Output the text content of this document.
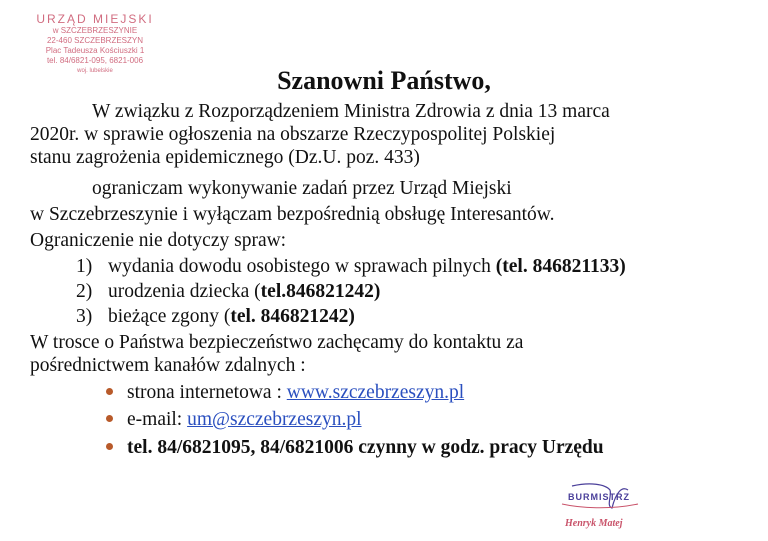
URZĄD MIEJSKI
w SZCZEBRZESZYNIE
22-460 SZCZEBRZESZYN
Plac Tadeusza Kościuszki 1
tel. 84/6821-095, 6821-006
woj. lubelskie	Szanowni Państwo,
W związku z Rozporządzeniem Ministra Zdrowia z dnia 13 marca
2020r. w sprawie ogłoszenia na obszarze Rzeczypospolitej Polskiej
stanu zagrożenia epidemicznego (Dz.U. poz. 433)
ograniczam wykonywanie zadań przez Urząd Miejski
w Szczebrzeszynie i wyłączam bezpośrednią obsługę Interesantów.
Ograniczenie nie dotyczy spraw:
1) wydania dowodu osobistego w sprawach pilnych (tel. 846821133)
2) urodzenia dziecka (tel.846821242)
3) bieżące zgony (tel. 846821242)
W trosce o Państwa bezpieczeństwo zachęcamy do kontaktu za
pośrednictwem kanałów zdalnych :
strona internetowa : www.szczebrzeszyn.pl
e-mail: um@szczebrzeszyn.pl
tel. 84/6821095, 84/6821006 czynny w godz. pracy Urzędu
BURMISTRZ
Henryk Matej
